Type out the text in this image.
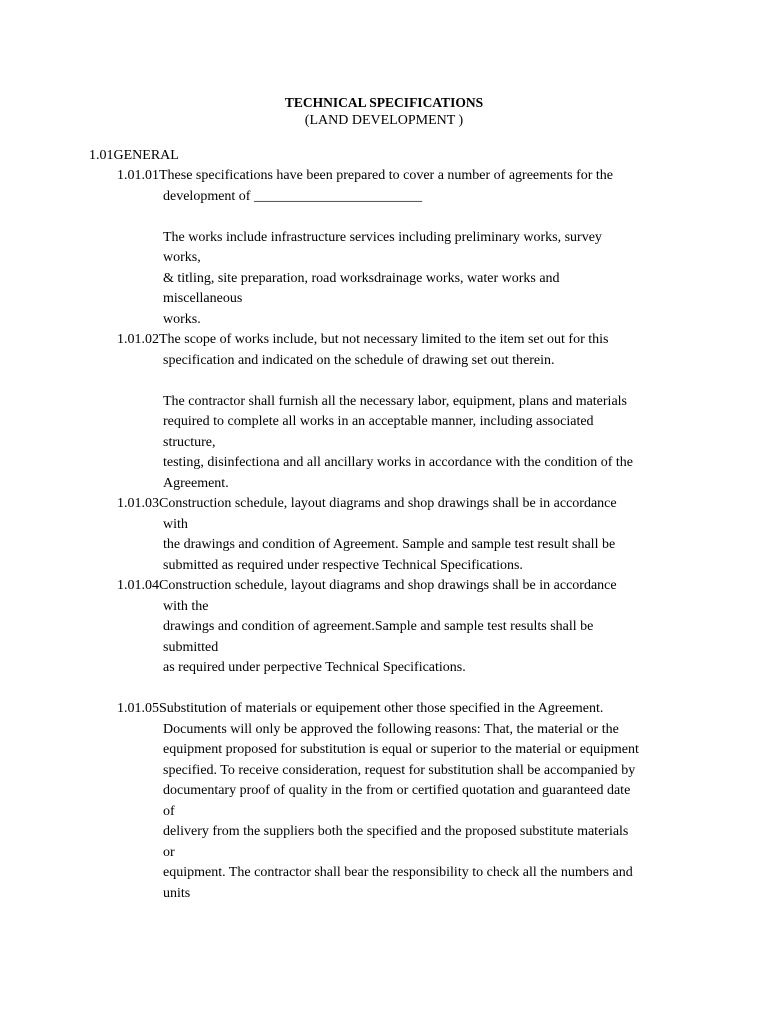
TECHNICAL SPECIFICATIONS
(LAND DEVELOPMENT )
1.01GENERAL
1.01.01These specifications have been prepared to cover a number of agreements for the
development of ________________________
The works include infrastructure services including preliminary works, survey
works,
& titling, site preparation, road worksdrainage works, water works and
miscellaneous
works.
1.01.02The scope of works include, but not necessary limited to the item set out for this
specification and indicated on the schedule of drawing set out therein.
The contractor shall furnish all the necessary labor, equipment, plans and materials
required to complete all works in an acceptable manner, including associated
structure,
testing, disinfectiona and all ancillary works in accordance with the condition of the
Agreement.
1.01.03Construction schedule, layout diagrams and shop drawings shall be in accordance
with
the drawings and condition of Agreement. Sample and sample test result shall be
submitted as required under respective Technical Specifications.
1.01.04Construction schedule, layout diagrams and shop drawings shall be in accordance
with the
drawings and condition of agreement.Sample and sample test results shall be
submitted
as required under perpective Technical Specifications.
1.01.05Substitution of materials or equipement other those specified in the Agreement.
Documents will only be approved the following reasons: That, the material or the
equipment proposed for substitution is equal or superior to the material or equipment
specified. To receive consideration, request for substitution shall be accompanied by
documentary proof of quality in the from or certified quotation and guaranteed date
of
delivery from the suppliers both the specified and the proposed substitute materials
or
equipment. The contractor shall bear the responsibility to check all the numbers and
units
